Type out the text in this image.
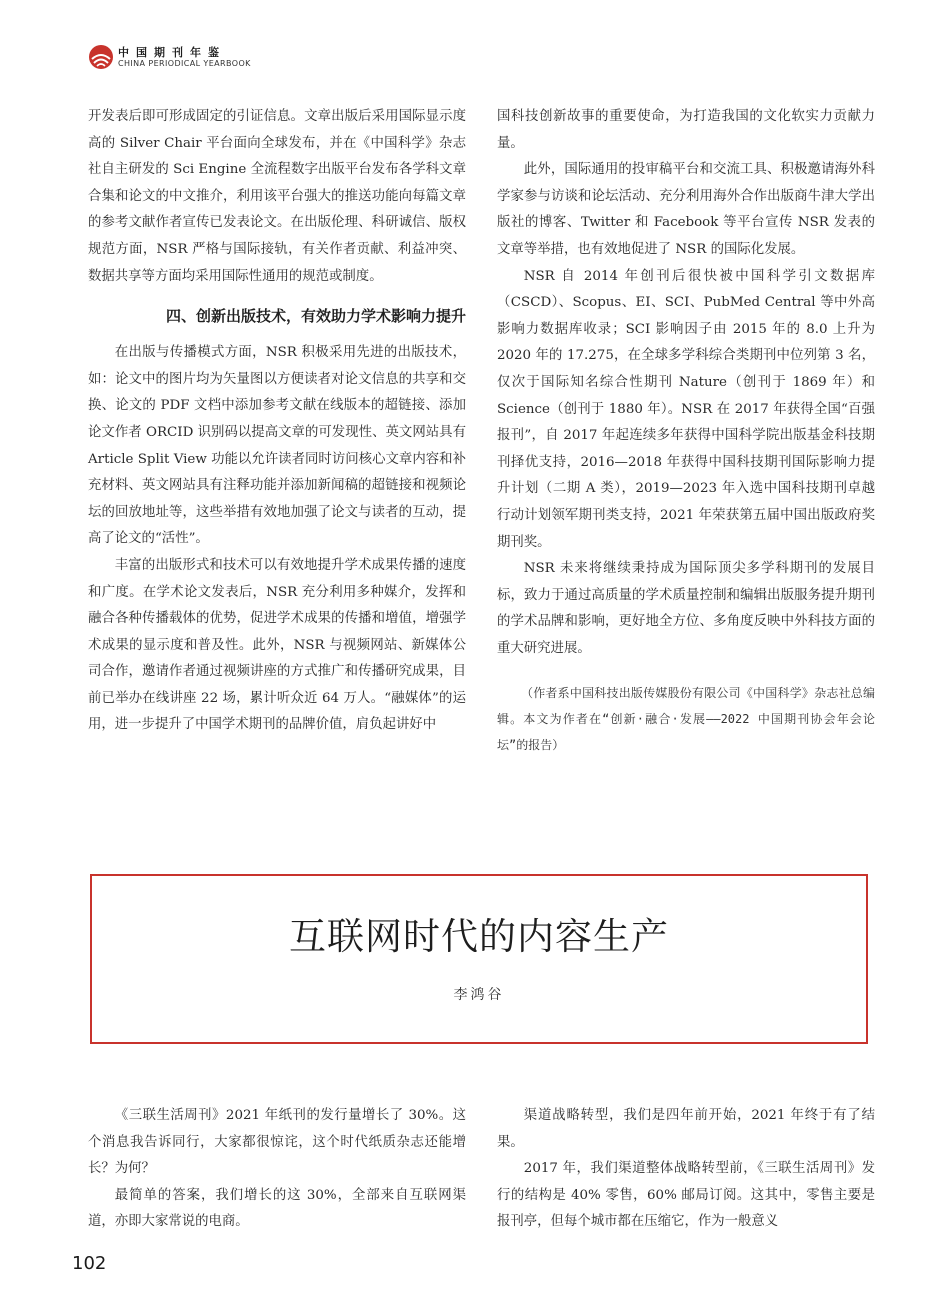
中国期刊年鉴
CHINA PERIODICAL YEARBOOK

开发表后即可形成固定的引证信息。文章出版后采用国际显示度高的 Silver Chair 平台面向全球发布，并在《中国科学》杂志社自主研发的 Sci Engine 全流程数字出版平台发布各学科文章合集和论文的中文推介，利用该平台强大的推送功能向每篇文章的参考文献作者宣传已发表论文。在出版伦理、科研诚信、版权规范方面，NSR 严格与国际接轨，有关作者贡献、利益冲突、数据共享等方面均采用国际性通用的规范或制度。

四、创新出版技术，有效助力学术影响力提升

在出版与传播模式方面，NSR 积极采用先进的出版技术，如：论文中的图片均为矢量图以方便读者对论文信息的共享和交换、论文的 PDF 文档中添加参考文献在线版本的超链接、添加论文作者 ORCID 识别码以提高文章的可发现性、英文网站具有 Article Split View 功能以允许读者同时访问核心文章内容和补充材料、英文网站具有注释功能并添加新闻稿的超链接和视频论坛的回放地址等，这些举措有效地加强了论文与读者的互动，提高了论文的“活性”。

丰富的出版形式和技术可以有效地提升学术成果传播的速度和广度。在学术论文发表后，NSR 充分利用多种媒介，发挥和融合各种传播载体的优势，促进学术成果的传播和增值，增强学术成果的显示度和普及性。此外，NSR 与视频网站、新媒体公司合作，邀请作者通过视频讲座的方式推广和传播研究成果，目前已举办在线讲座 22 场，累计听众近 64 万人。“融媒体”的运用，进一步提升了中国学术期刊的品牌价值，肩负起讲好中

国科技创新故事的重要使命，为打造我国的文化软实力贡献力量。

此外，国际通用的投审稿平台和交流工具、积极邀请海外科学家参与访谈和论坛活动、充分利用海外合作出版商牛津大学出版社的博客、Twitter 和 Facebook 等平台宣传 NSR 发表的文章等举措，也有效地促进了 NSR 的国际化发展。

NSR 自 2014 年创刊后很快被中国科学引文数据库（CSCD）、Scopus、EI、SCI、PubMed Central 等中外高影响力数据库收录；SCI 影响因子由 2015 年的 8.0 上升为 2020 年的 17.275，在全球多学科综合类期刊中位列第 3 名，仅次于国际知名综合性期刊 Nature（创刊于 1869 年）和 Science（创刊于 1880 年）。NSR 在 2017 年获得全国“百强报刊”，自 2017 年起连续多年获得中国科学院出版基金科技期刊择优支持，2016—2018 年获得中国科技期刊国际影响力提升计划（二期 A 类），2019—2023 年入选中国科技期刊卓越行动计划领军期刊类支持，2021 年荣获第五届中国出版政府奖期刊奖。

NSR 未来将继续秉持成为国际顶尖多学科期刊的发展目标，致力于通过高质量的学术质量控制和编辑出版服务提升期刊的学术品牌和影响，更好地全方位、多角度反映中外科技方面的重大研究进展。

（作者系中国科技出版传媒股份有限公司《中国科学》杂志社总编辑。本文为作者在“创新·融合·发展——2022 中国期刊协会年会论坛”的报告）

互联网时代的内容生产
李鸿谷

《三联生活周刊》2021 年纸刊的发行量增长了 30%。这个消息我告诉同行，大家都很惊诧，这个时代纸质杂志还能增长？为何？

最简单的答案，我们增长的这 30%，全部来自互联网渠道，亦即大家常说的电商。

渠道战略转型，我们是四年前开始，2021 年终于有了结果。

2017 年，我们渠道整体战略转型前，《三联生活周刊》发行的结构是 40% 零售，60% 邮局订阅。这其中，零售主要是报刊亭，但每个城市都在压缩它，作为一般意义

102
